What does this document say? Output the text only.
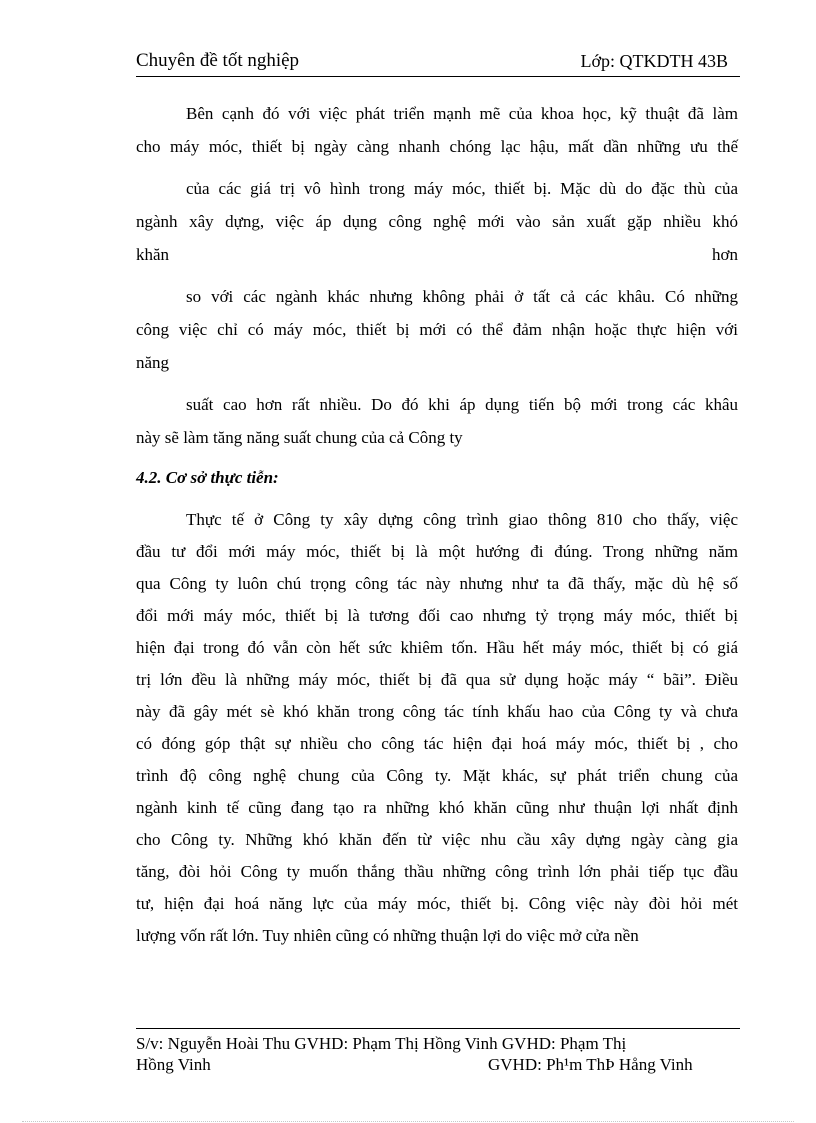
Chuyên đề tốt nghiệp	Lớp: QTKDTH 43B
Bên cạnh đó với việc phát triển mạnh mẽ của khoa học, kỹ thuật đã làm
cho máy móc, thiết bị ngày càng nhanh chóng lạc hậu, mất dần những ưu thế
của các giá trị vô hình trong máy móc, thiết bị. Mặc dù do đặc thù của
ngành xây dựng, việc áp dụng công nghệ mới vào sản xuất gặp nhiều khó
khăn	hơn
so với các ngành khác nhưng không phải ở tất cả các khâu. Có những
công việc chỉ có máy móc, thiết bị mới có thể đảm nhận hoặc thực hiện với
năng
suất cao hơn rất nhiều. Do đó khi áp dụng tiến bộ mới trong các khâu
này sẽ làm tăng năng suất chung của cả Công ty
4.2. Cơ sở thực tiễn:
Thực tế ở Công ty xây dựng công trình giao thông 810 cho thấy, việc
đầu tư đổi mới máy móc, thiết bị là một hướng đi đúng. Trong những năm
qua Công ty luôn chú trọng công tác này nhưng như ta đã thấy, mặc dù hệ số
đổi mới máy móc, thiết bị là tương đối cao nhưng tỷ trọng máy móc, thiết bị
hiện đại trong đó vẫn còn hết sức khiêm tốn. Hầu hết máy móc, thiết bị có giá
trị lớn đều là những máy móc, thiết bị đã qua sử dụng hoặc máy “ bãi”. Điều
này đã gây mét sè khó khăn trong công tác tính khấu hao của Công ty và chưa
có đóng góp thật sự nhiều cho công tác hiện đại hoá máy móc, thiết bị , cho
trình độ công nghệ chung của Công ty. Mặt khác, sự phát triển chung của
ngành kinh tế cũng đang tạo ra những khó khăn cũng như thuận lợi nhất định
cho Công ty. Những khó khăn đến từ việc nhu cầu xây dựng ngày càng gia
tăng, đòi hỏi Công ty muốn thắng thầu những công trình lớn phải tiếp tục đầu
tư, hiện đại hoá năng lực của máy móc, thiết bị. Công việc này đòi hỏi mét
lượng vốn rất lớn. Tuy nhiên cũng có những thuận lợi do việc mở cửa nền
S/v: Nguyễn Hoài Thu GVHD: Phạm Thị Hồng Vinh GVHD: Phạm Thị
Hồng Vinh	GVHD: Ph¹m ThÞ Hång Vinh
